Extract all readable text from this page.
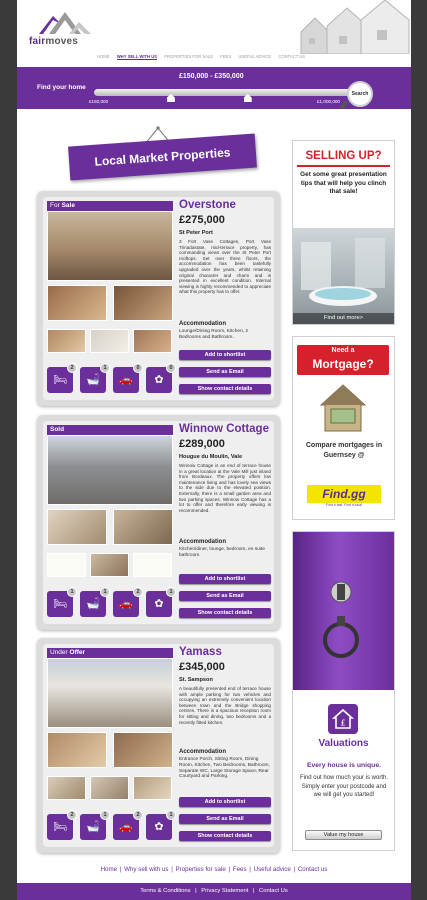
fairmoves
HOME WHY SELL WITH US PROPERTIES FOR SALE FEES USEFUL ADVICE CONTACT US
Find your home
£150,000 - £350,000
£150,000	£1,000,000
Search
Local Market Properties
For Sale
🛏
2
🛁
1
🚗
0
✿
0
Overstone
£275,000
St Peter Port
3 Fort Vase Cottages, Port Vase Trinadastate, mid-terrace property, has commanding views over the St Peter Port rooftops. Set over three floors, the accommodation has been tastefully upgraded over the years, whilst retaining original character and charm and is presented in excellent condition. Internal viewing is highly recommended to appreciate what this property has to offer.
Accommodation
Lounge/Dining Room, Kitchen, 2 Bedrooms and Bathroom.
Add to shortlist
Send as Email
Show contact details
Sold
🛏
1
🛁
1
🚗
2
✿
1
Winnow Cottage
£289,000
Hougue du Moulin, Vale
Winnow Cottage is an end of terrace house in a great location at the Vale Mill just inland from Bordeaux. The property offers low maintenance living and has lovely sea views to the side due to the elevated position. Externally, there is a small garden area and two parking spaces. Winnow Cottage has a lot to offer and therefore early viewing is recommended.
Accommodation
Kitchen/diner, lounge, bedroom, en suite bathroom.
Add to shortlist
Send as Email
Show contact details
Under Offer
🛏
2
🛁
1
🚗
2
✿
1
Yamass
£345,000
St. Sampson
A beautifully presented end of terrace house with ample parking for two vehicles and occupying an extremely convenient location between town and the Bridge shopping centres. There is a spacious reception room for sitting and dining, two bedrooms and a recently fitted kitchen.
Accommodation
Entrance Porch, Sitting Room, Dining Room, Kitchen, Two Bedrooms, Bathroom, Separate WC, Large Storage Space, Rear Courtyard and Parking.
Add to shortlist
Send as Email
Show contact details
SELLING UP?
Get some great presentation tips that will help you clinch that sale!
Find out more>
Need a
Mortgage?
Compare mortgages in Guernsey @
Find.gg
Find it fast. Find it local
£
Valuations
Every house is unique.
Find out how much your is worth. Simply enter your postcode and we will get you started!
Value my house
Home | Why sell with us | Properties for sale | Fees | Useful advice | Contact us
Terms & Conditions | Privacy Statement | Contact Us
